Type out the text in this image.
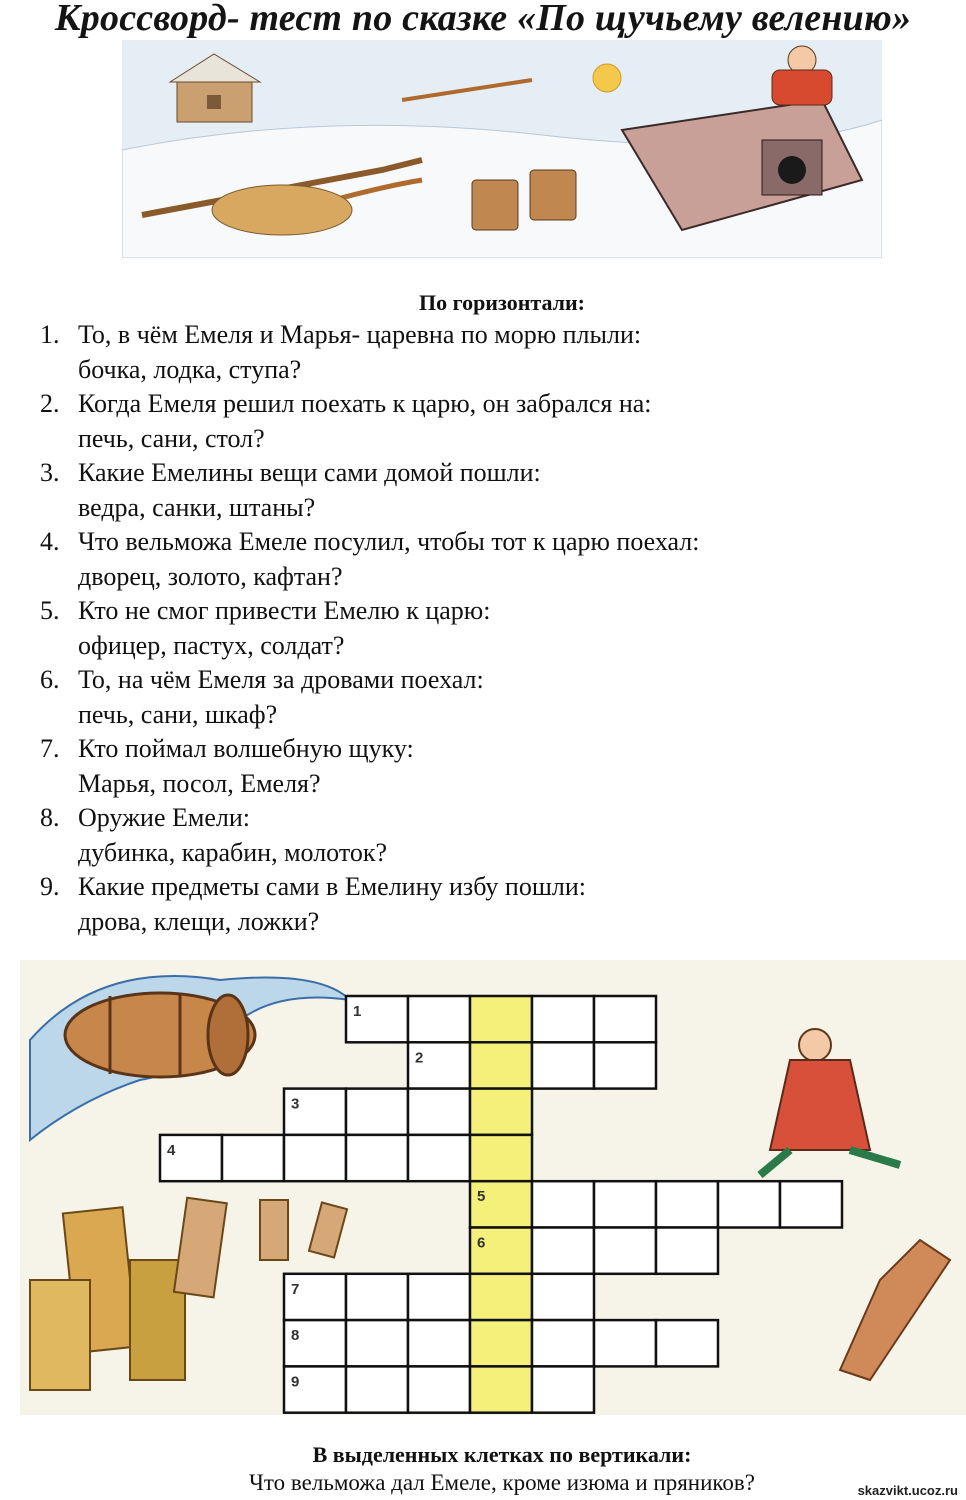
Кроссворд- тест по сказке «По щучьему велению»
По горизонтали:
1. То, в чём Емеля и Марья- царевна по морю плыли:
бочка, лодка, ступа?
2. Когда Емеля решил поехать к царю, он забрался на:
печь, сани, стол?
3. Какие Емелины вещи сами домой пошли:
ведра, санки, штаны?
4. Что вельможа Емеле посулил, чтобы тот к царю поехал:
дворец, золото, кафтан?
5. Кто не смог привести Емелю к царю:
офицер, пастух, солдат?
6. То, на чём Емеля за дровами поехал:
печь, сани, шкаф?
7. Кто поймал волшебную щуку:
Марья, посол, Емеля?
8. Оружие Емели:
дубинка, карабин, молоток?
9. Какие предметы сами в Емелину избу пошли:
дрова, клещи, ложки?
1
2
3
4
5
6
7
8
9
В выделенных клетках по вертикали:
Что вельможа дал Емеле, кроме изюма и пряников?	skazvikt.ucoz.ru
